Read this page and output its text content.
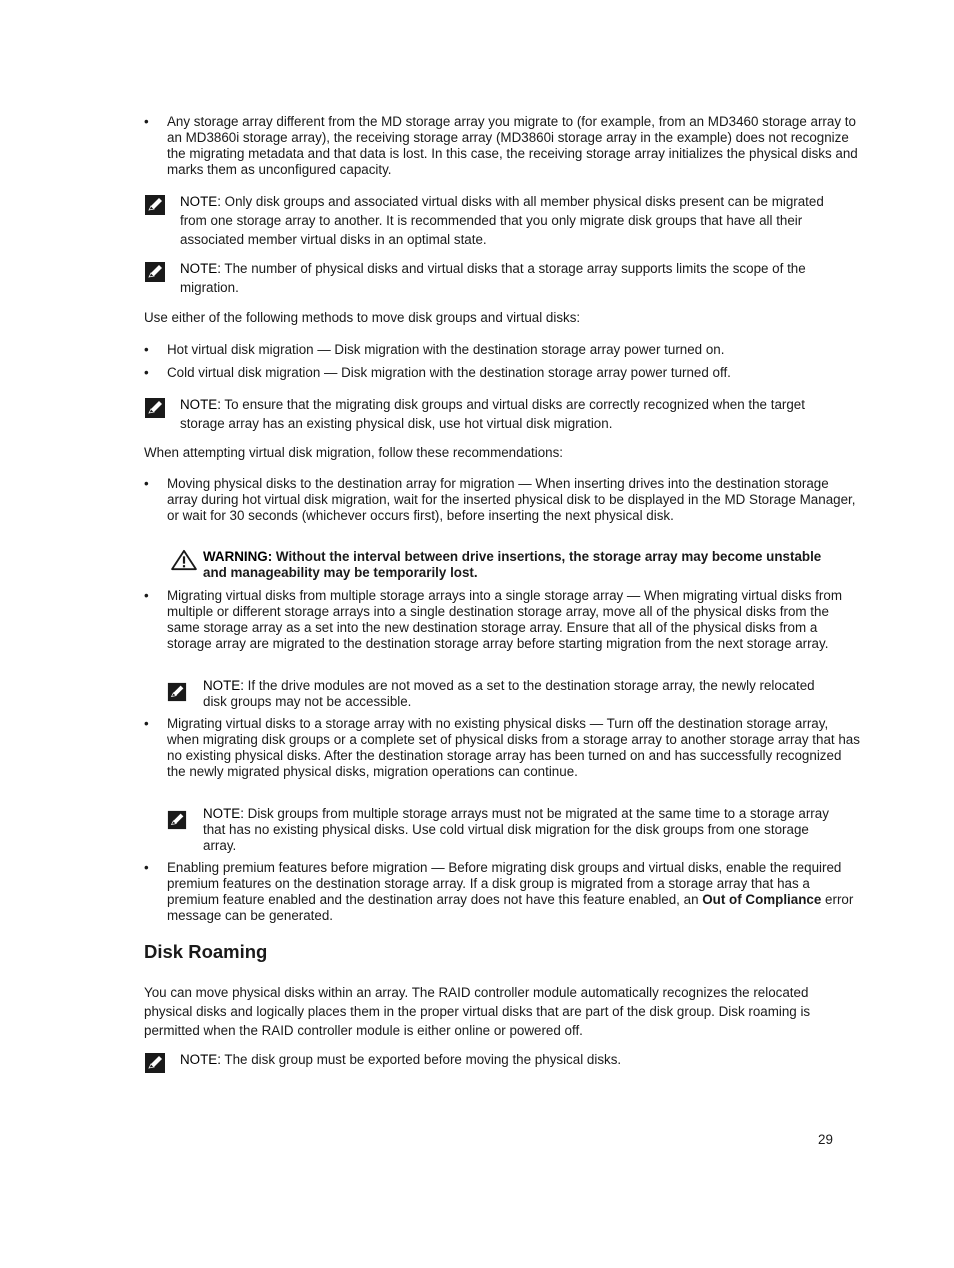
• Any storage array different from the MD storage array you migrate to (for example, from an MD3460 storage array to an MD3860i storage array), the receiving storage array (MD3860i storage array in the example) does not recognize the migrating metadata and that data is lost. In this case, the receiving storage array initializes the physical disks and marks them as unconfigured capacity.
NOTE: Only disk groups and associated virtual disks with all member physical disks present can be migrated from one storage array to another. It is recommended that you only migrate disk groups that have all their associated member virtual disks in an optimal state.
NOTE: The number of physical disks and virtual disks that a storage array supports limits the scope of the migration.

Use either of the following methods to move disk groups and virtual disks:

• Hot virtual disk migration — Disk migration with the destination storage array power turned on.
• Cold virtual disk migration — Disk migration with the destination storage array power turned off.
NOTE: To ensure that the migrating disk groups and virtual disks are correctly recognized when the target storage array has an existing physical disk, use hot virtual disk migration.

When attempting virtual disk migration, follow these recommendations:

• Moving physical disks to the destination array for migration — When inserting drives into the destination storage array during hot virtual disk migration, wait for the inserted physical disk to be displayed in the MD Storage Manager, or wait for 30 seconds (whichever occurs first), before inserting the next physical disk.
WARNING: Without the interval between drive insertions, the storage array may become unstable and manageability may be temporarily lost.
• Migrating virtual disks from multiple storage arrays into a single storage array — When migrating virtual disks from multiple or different storage arrays into a single destination storage array, move all of the physical disks from the same storage array as a set into the new destination storage array. Ensure that all of the physical disks from a storage array are migrated to the destination storage array before starting migration from the next storage array.
NOTE: If the drive modules are not moved as a set to the destination storage array, the newly relocated disk groups may not be accessible.
• Migrating virtual disks to a storage array with no existing physical disks — Turn off the destination storage array, when migrating disk groups or a complete set of physical disks from a storage array to another storage array that has no existing physical disks. After the destination storage array has been turned on and has successfully recognized the newly migrated physical disks, migration operations can continue.
NOTE: Disk groups from multiple storage arrays must not be migrated at the same time to a storage array that has no existing physical disks. Use cold virtual disk migration for the disk groups from one storage array.
• Enabling premium features before migration — Before migrating disk groups and virtual disks, enable the required premium features on the destination storage array. If a disk group is migrated from a storage array that has a premium feature enabled and the destination array does not have this feature enabled, an Out of Compliance error message can be generated.
Disk Roaming

You can move physical disks within an array. The RAID controller module automatically recognizes the relocated physical disks and logically places them in the proper virtual disks that are part of the disk group. Disk roaming is permitted when the RAID controller module is either online or powered off.

NOTE: The disk group must be exported before moving the physical disks.
29
